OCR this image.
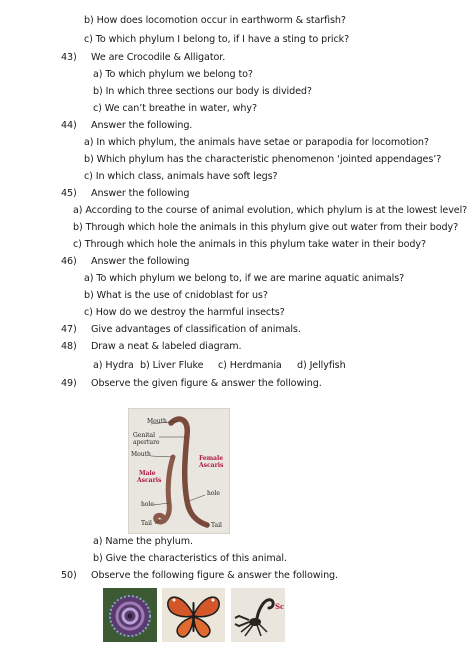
b) How does locomotion occur in earthworm & starfish?
c) To which phylum I belong to, if I have a sting to prick?
43) We are Crocodile & Alligator.
a) To which phylum we belong to?
b) In which three sections our body is divided?
c) We can’t breathe in water, why?
44) Answer the following.
a) In which phylum, the animals have setae or parapodia for locomotion?
b) Which phylum has the characteristic phenomenon ‘jointed appendages’?
c) In which class, animals have soft legs?
45) Answer the following
a) According to the course of animal evolution, which phylum is at the lowest level?
b) Through which hole the animals in this phylum give out water from their body?
c) Through which hole the animals in this phylum take water in their body?
46) Answer the following
a) To which phylum we belong to, if we are marine aquatic animals?
b) What is the use of cnidoblast for us?
c) How do we destroy the harmful insects?
47) Give advantages of classification of animals.
48) Draw a neat & labeled diagram.
a) Hydra b) Liver Fluke c) Herdmania d) Jellyfish
49) Observe the given figure & answer the following.
Mouth
Genital
aperture
Mouth
Female
Ascaris
Male
Ascaris
hole
hole
Tail	Tail
a) Name the phylum.
b) Give the characteristics of this animal.
50) Observe the following figure & answer the following.
Sc
